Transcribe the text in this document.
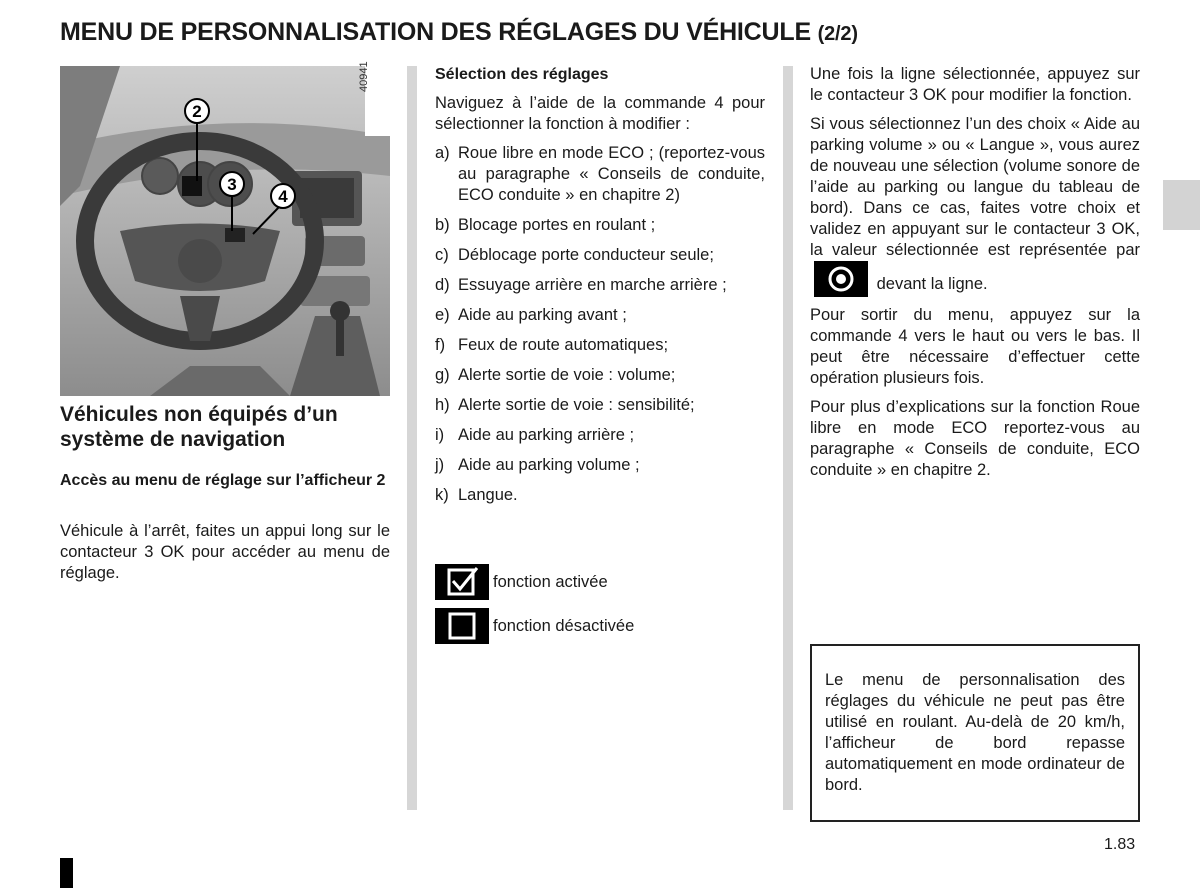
MENU DE PERSONNALISATION DES RÉGLAGES DU VÉHICULE (2/2)
2
3
4
40941
Véhicules non équipés d’un système de navigation
Accès au menu de réglage sur l’afficheur 2

Véhicule à l’arrêt, faites un appui long sur le contacteur 3 OK pour accéder au menu de réglage.

Sélection des réglages

Naviguez à l’aide de la commande 4 pour sélectionner la fonction à modifier :

a) Roue libre en mode ECO ; (reportez-vous au paragraphe « Conseils de conduite, ECO conduite » en chapitre 2)
b) Blocage portes en roulant ;
c) Déblocage porte conducteur seule;
d) Essuyage arrière en marche arrière ;
e) Aide au parking avant ;
f) Feux de route automatiques;
g) Alerte sortie de voie : volume;
h) Alerte sortie de voie : sensibilité;
i) Aide au parking arrière ;
j) Aide au parking volume ;
k) Langue.
fonction activée
fonction désactivée

Une fois la ligne sélectionnée, appuyez sur le contacteur 3 OK pour modifier la fonction.

Si vous sélectionnez l’un des choix « Aide au parking volume » ou « Langue », vous aurez de nouveau une sélection (volume sonore de l’aide au parking ou langue du tableau de bord). Dans ce cas, faites votre choix et validez en appuyant sur le contacteur 3 OK, la valeur sélectionnée est représentée par
devant la ligne.

Pour sortir du menu, appuyez sur la commande 4 vers le haut ou vers le bas. Il peut être nécessaire d’effectuer cette opération plusieurs fois.

Pour plus d’explications sur la fonction Roue libre en mode ECO reportez-vous au paragraphe « Conseils de conduite, ECO conduite » en chapitre 2.

Le menu de personnalisation des réglages du véhicule ne peut pas être utilisé en roulant. Au-delà de 20 km/h, l’afficheur de bord repasse automatiquement en mode ordinateur de bord.
1.83
